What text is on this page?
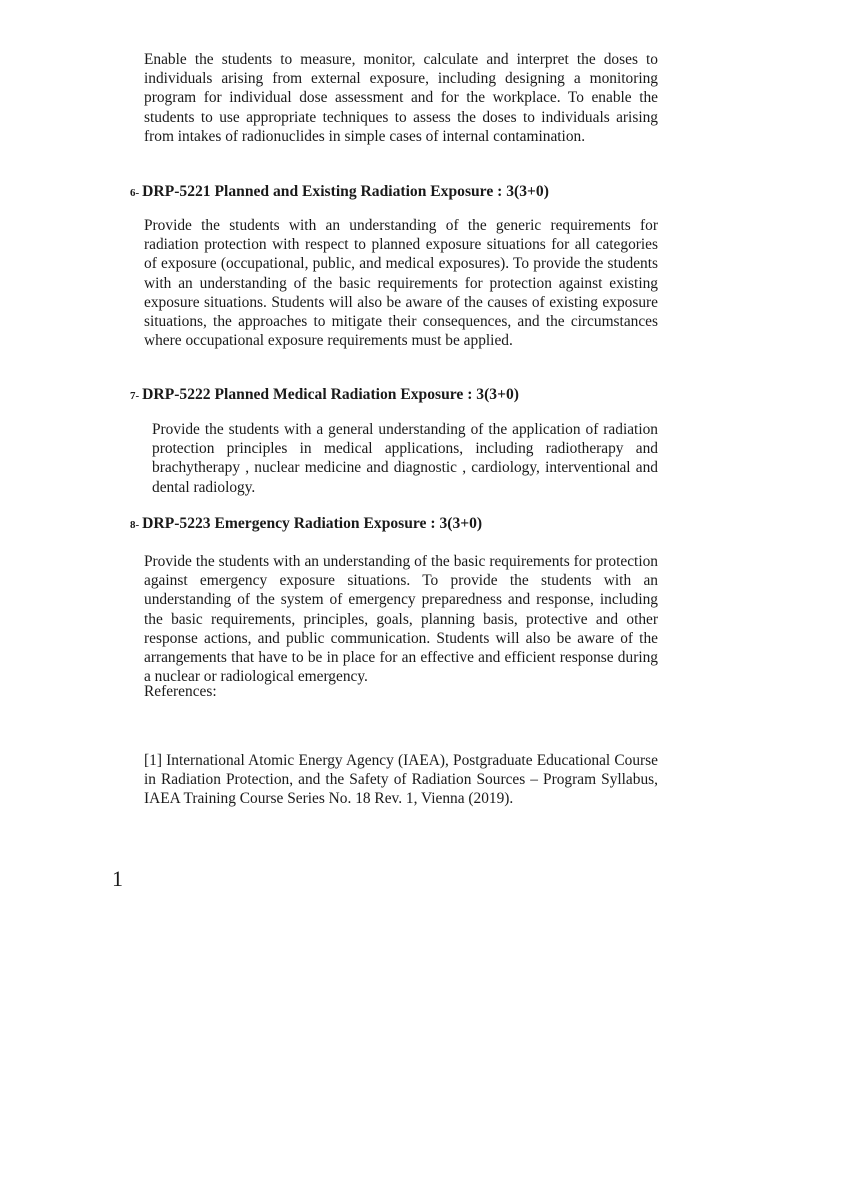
Enable the students to measure, monitor, calculate and interpret the doses to individuals arising from external exposure, including designing a monitoring program for individual dose assessment and for the workplace. To enable the students to use appropriate techniques to assess the doses to individuals arising from intakes of radionuclides in simple cases of internal contamination.

6- DRP-5221 Planned and Existing Radiation Exposure : 3(3+0)

Provide the students with an understanding of the generic requirements for radiation protection with respect to planned exposure situations for all categories of exposure (occupational, public, and medical exposures). To provide the students with an understanding of the basic requirements for protection against existing exposure situations. Students will also be aware of the causes of existing exposure situations, the approaches to mitigate their consequences, and the circumstances where occupational exposure requirements must be applied.

7- DRP-5222 Planned Medical Radiation Exposure : 3(3+0)

Provide the students with a general understanding of the application of radiation protection principles in medical applications, including radiotherapy and brachytherapy , nuclear medicine and diagnostic , cardiology, interventional and dental radiology.

8- DRP-5223 Emergency Radiation Exposure : 3(3+0)

Provide the students with an understanding of the basic requirements for protection against emergency exposure situations. To provide the students with an understanding of the system of emergency preparedness and response, including the basic requirements, principles, goals, planning basis, protective and other response actions, and public communication. Students will also be aware of the arrangements that have to be in place for an effective and efficient response during a nuclear or radiological emergency.

References:

[1] International Atomic Energy Agency (IAEA), Postgraduate Educational Course in Radiation Protection, and the Safety of Radiation Sources – Program Syllabus, IAEA Training Course Series No. 18 Rev. 1, Vienna (2019).

1
